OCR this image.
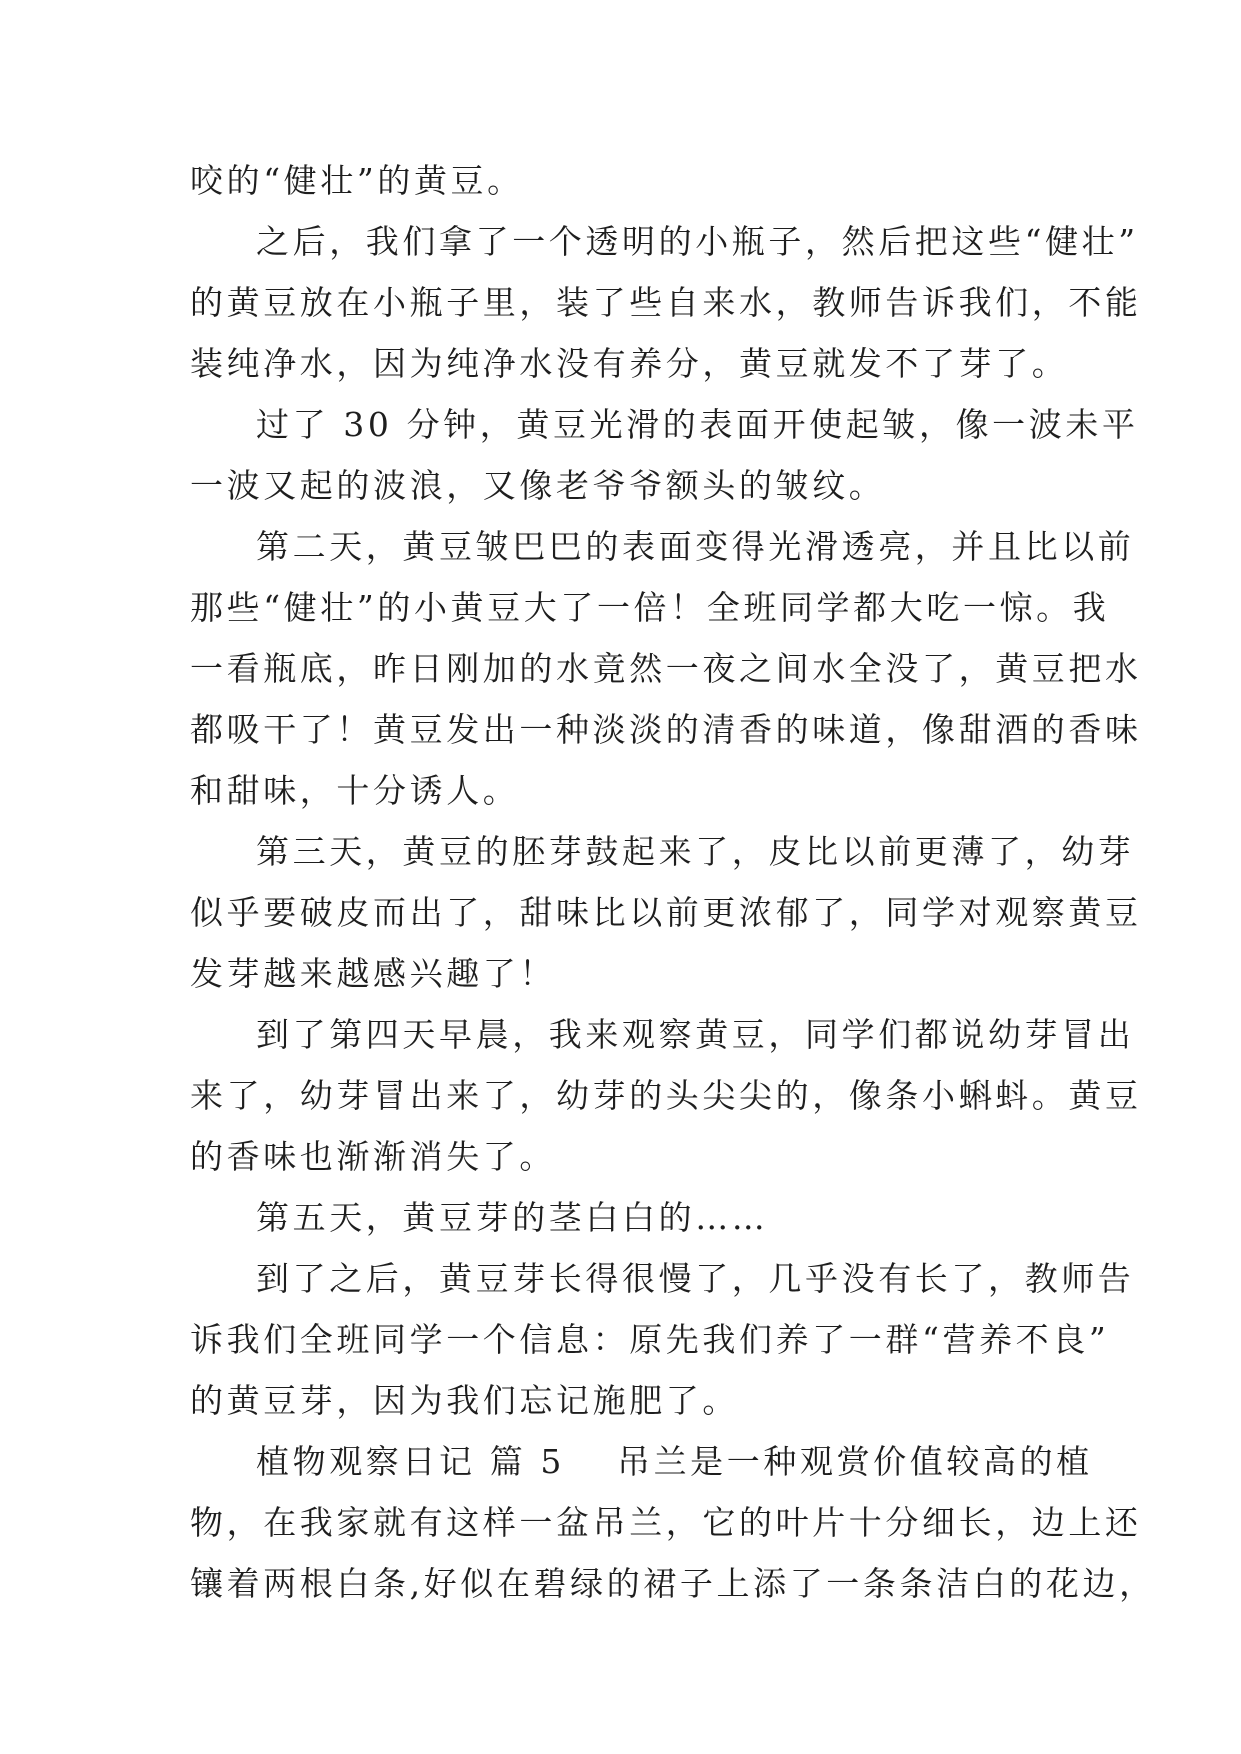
咬的“健壮”的黄豆。
之后，我们拿了一个透明的小瓶子，然后把这些“健壮”
的黄豆放在小瓶子里，装了些自来水，教师告诉我们，不能
装纯净水，因为纯净水没有养分，黄豆就发不了芽了。
过了 30 分钟，黄豆光滑的表面开使起皱，像一波未平
一波又起的波浪，又像老爷爷额头的皱纹。
第二天，黄豆皱巴巴的表面变得光滑透亮，并且比以前
那些“健壮”的小黄豆大了一倍！全班同学都大吃一惊。我
一看瓶底，昨日刚加的水竟然一夜之间水全没了，黄豆把水
都吸干了！黄豆发出一种淡淡的清香的味道，像甜酒的香味
和甜味，十分诱人。
第三天，黄豆的胚芽鼓起来了，皮比以前更薄了，幼芽
似乎要破皮而出了，甜味比以前更浓郁了，同学对观察黄豆
发芽越来越感兴趣了！
到了第四天早晨，我来观察黄豆，同学们都说幼芽冒出
来了，幼芽冒出来了，幼芽的头尖尖的，像条小蝌蚪。黄豆
的香味也渐渐消失了。
第五天，黄豆芽的茎白白的……
到了之后，黄豆芽长得很慢了，几乎没有长了，教师告
诉我们全班同学一个信息：原先我们养了一群“营养不良”
的黄豆芽，因为我们忘记施肥了。
植物观察日记 篇 5 吊兰是一种观赏价值较高的植
物，在我家就有这样一盆吊兰，它的叶片十分细长，边上还
镶着两根白条,好似在碧绿的裙子上添了一条条洁白的花边，
